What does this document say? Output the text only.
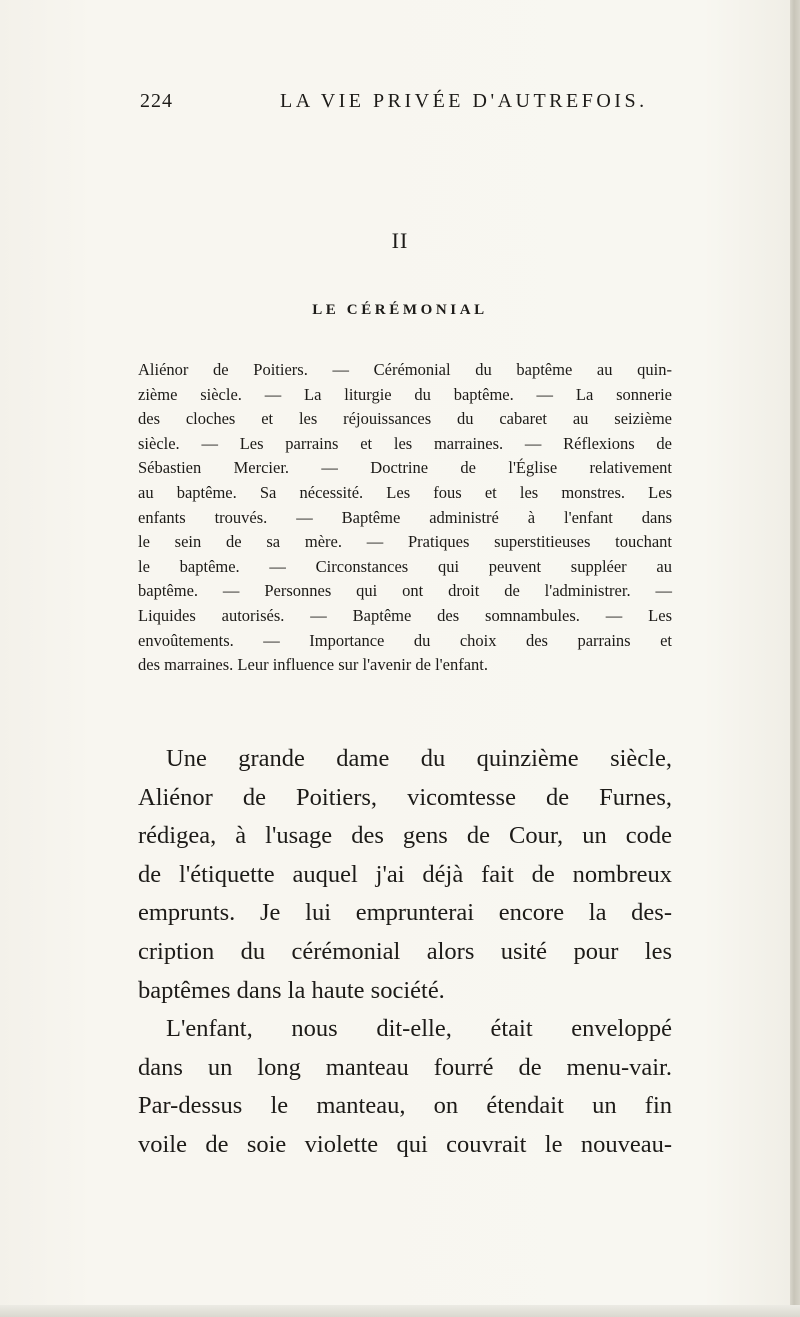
224	LA VIE PRIVÉE D'AUTREFOIS.
II
LE CÉRÉMONIAL
Aliénor de Poitiers. — Cérémonial du baptême au quin-
zième siècle. — La liturgie du baptême. — La sonnerie
des cloches et les réjouissances du cabaret au seizième
siècle. — Les parrains et les marraines. — Réflexions de
Sébastien Mercier. — Doctrine de l'Église relativement
au baptême. Sa nécessité. Les fous et les monstres. Les
enfants trouvés. — Baptême administré à l'enfant dans
le sein de sa mère. — Pratiques superstitieuses touchant
le baptême. — Circonstances qui peuvent suppléer au
baptême. — Personnes qui ont droit de l'administrer. —
Liquides autorisés. — Baptême des somnambules. — Les
envoûtements. — Importance du choix des parrains et
des marraines. Leur influence sur l'avenir de l'enfant.
Une grande dame du quinzième siècle,
Aliénor de Poitiers, vicomtesse de Furnes,
rédigea, à l'usage des gens de Cour, un code
de l'étiquette auquel j'ai déjà fait de nombreux
emprunts. Je lui emprunterai encore la des-
cription du cérémonial alors usité pour les
baptêmes dans la haute société.
L'enfant, nous dit-elle, était enveloppé
dans un long manteau fourré de menu-vair.
Par-dessus le manteau, on étendait un fin
voile de soie violette qui couvrait le nouveau-
